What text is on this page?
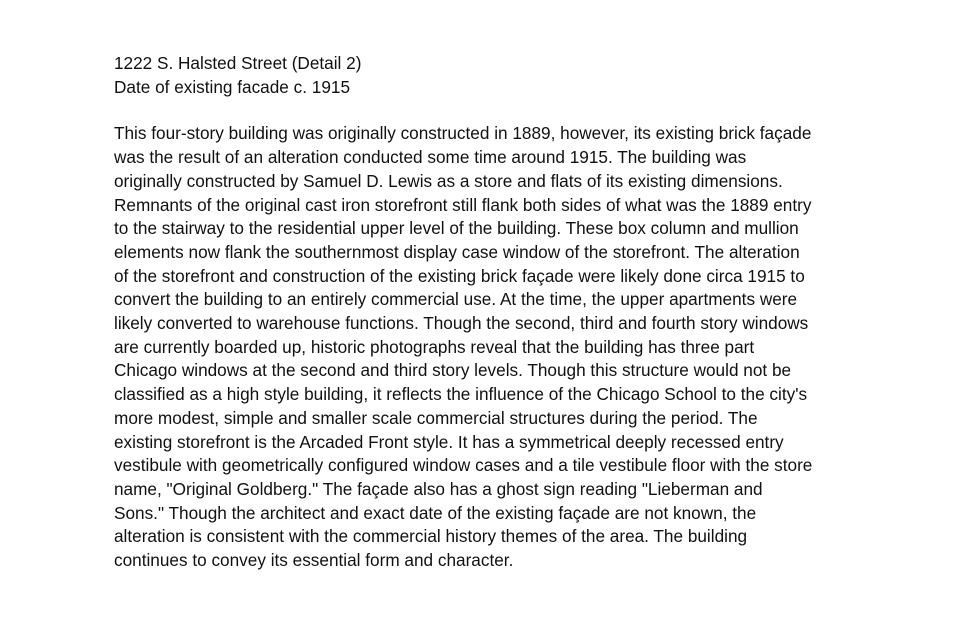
1222 S. Halsted Street (Detail 2)
Date of existing facade c. 1915
This four-story building was originally constructed in 1889, however, its existing brick façade
was the result of an alteration conducted some time around 1915. The building was
originally constructed by Samuel D. Lewis as a store and flats of its existing dimensions.
Remnants of the original cast iron storefront still flank both sides of what was the 1889 entry
to the stairway to the residential upper level of the building. These box column and mullion
elements now flank the southernmost display case window of the storefront. The alteration
of the storefront and construction of the existing brick façade were likely done circa 1915 to
convert the building to an entirely commercial use. At the time, the upper apartments were
likely converted to warehouse functions. Though the second, third and fourth story windows
are currently boarded up, historic photographs reveal that the building has three part
Chicago windows at the second and third story levels. Though this structure would not be
classified as a high style building, it reflects the influence of the Chicago School to the city's
more modest, simple and smaller scale commercial structures during the period. The
existing storefront is the Arcaded Front style. It has a symmetrical deeply recessed entry
vestibule with geometrically configured window cases and a tile vestibule floor with the store
name, "Original Goldberg." The façade also has a ghost sign reading "Lieberman and
Sons." Though the architect and exact date of the existing façade are not known, the
alteration is consistent with the commercial history themes of the area. The building
continues to convey its essential form and character.
